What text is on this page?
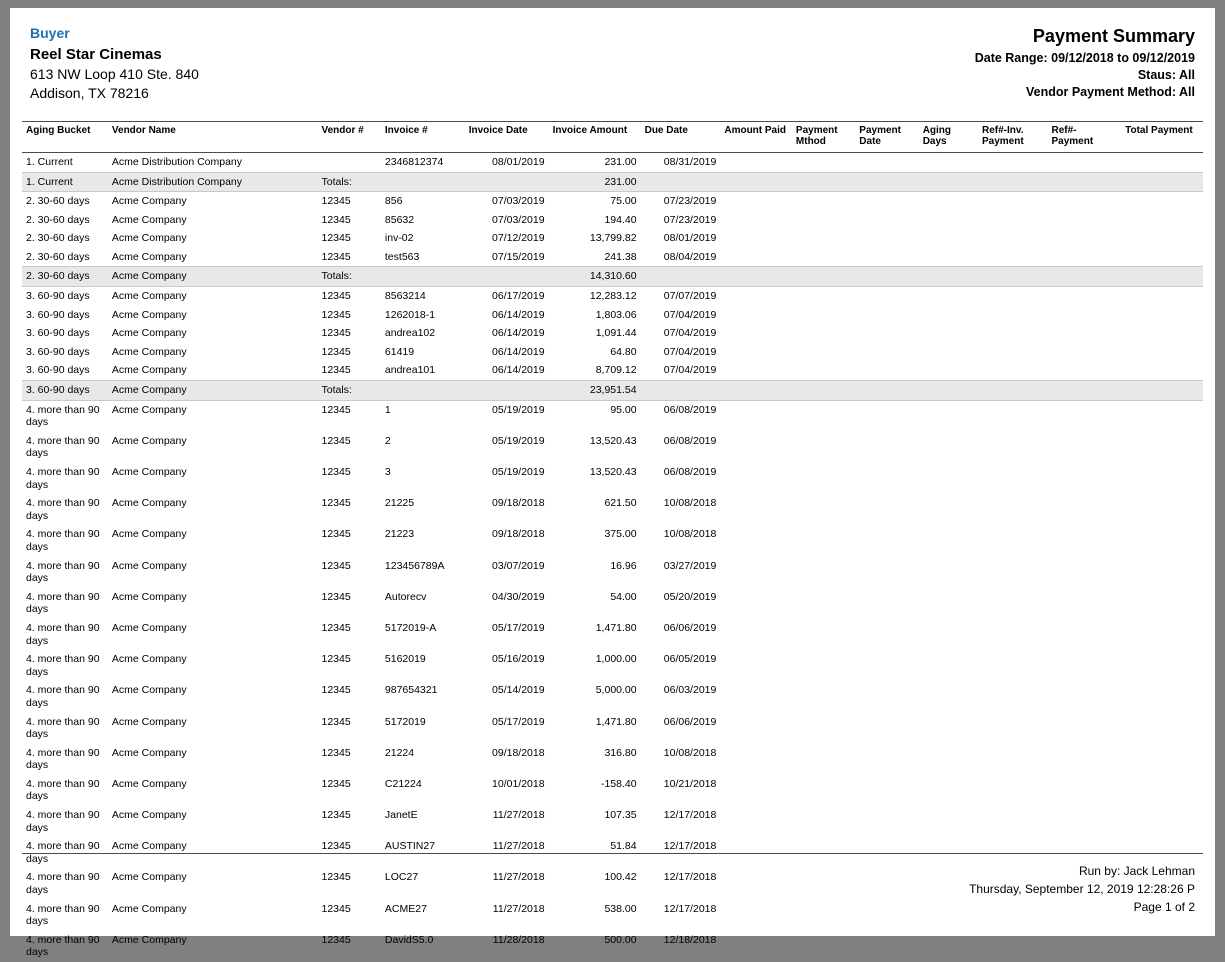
Buyer
Reel Star Cinemas
613 NW Loop 410 Ste. 840
Addison, TX 78216
Payment Summary
Date Range: 09/12/2018 to 09/12/2019
Staus: All
Vendor Payment Method: All
Aging Bucket	Vendor Name	Vendor #	Invoice #	Invoice Date	Invoice Amount	Due Date	Amount Paid	Payment Mthod	Payment Date	Aging Days	Ref#-Inv. Payment	Ref#- Payment	Total Payment
1. Current	Acme Distribution Company		2346812374	08/01/2019	231.00	08/31/2019							
1. Current	Acme Distribution Company	Totals:			231.00								
2. 30-60 days	Acme Company	12345	856	07/03/2019	75.00	07/23/2019							
2. 30-60 days	Acme Company	12345	85632	07/03/2019	194.40	07/23/2019							
2. 30-60 days	Acme Company	12345	inv-02	07/12/2019	13,799.82	08/01/2019							
2. 30-60 days	Acme Company	12345	test563	07/15/2019	241.38	08/04/2019							
2. 30-60 days	Acme Company	Totals:			14,310.60								
3. 60-90 days	Acme Company	12345	8563214	06/17/2019	12,283.12	07/07/2019							
3. 60-90 days	Acme Company	12345	1262018-1	06/14/2019	1,803.06	07/04/2019							
3. 60-90 days	Acme Company	12345	andrea102	06/14/2019	1,091.44	07/04/2019							
3. 60-90 days	Acme Company	12345	61419	06/14/2019	64.80	07/04/2019							
3. 60-90 days	Acme Company	12345	andrea101	06/14/2019	8,709.12	07/04/2019							
3. 60-90 days	Acme Company	Totals:			23,951.54								
4. more than 90 days	Acme Company	12345	1	05/19/2019	95.00	06/08/2019							
4. more than 90 days	Acme Company	12345	2	05/19/2019	13,520.43	06/08/2019							
4. more than 90 days	Acme Company	12345	3	05/19/2019	13,520.43	06/08/2019							
4. more than 90 days	Acme Company	12345	21225	09/18/2018	621.50	10/08/2018							
4. more than 90 days	Acme Company	12345	21223	09/18/2018	375.00	10/08/2018							
4. more than 90 days	Acme Company	12345	123456789A	03/07/2019	16.96	03/27/2019							
4. more than 90 days	Acme Company	12345	Autorecv	04/30/2019	54.00	05/20/2019							
4. more than 90 days	Acme Company	12345	5172019-A	05/17/2019	1,471.80	06/06/2019							
4. more than 90 days	Acme Company	12345	5162019	05/16/2019	1,000.00	06/05/2019							
4. more than 90 days	Acme Company	12345	987654321	05/14/2019	5,000.00	06/03/2019							
4. more than 90 days	Acme Company	12345	5172019	05/17/2019	1,471.80	06/06/2019							
4. more than 90 days	Acme Company	12345	21224	09/18/2018	316.80	10/08/2018							
4. more than 90 days	Acme Company	12345	C21224	10/01/2018	-158.40	10/21/2018							
4. more than 90 days	Acme Company	12345	JanetE	11/27/2018	107.35	12/17/2018							
4. more than 90 days	Acme Company	12345	AUSTIN27	11/27/2018	51.84	12/17/2018							
4. more than 90 days	Acme Company	12345	LOC27	11/27/2018	100.42	12/17/2018							
4. more than 90 days	Acme Company	12345	ACME27	11/27/2018	538.00	12/17/2018							
4. more than 90 days	Acme Company	12345	DavidS5.0	11/28/2018	500.00	12/18/2018							
Run by: Jack Lehman
Thursday, September 12, 2019 12:28:26 P
Page 1 of 2
